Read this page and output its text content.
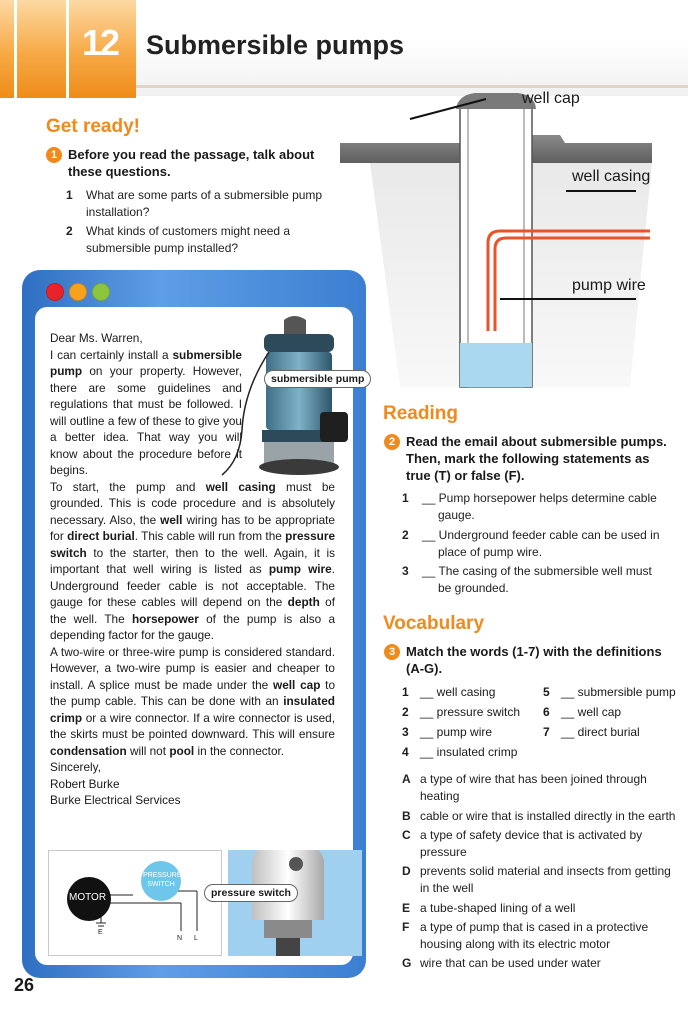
12 Submersible pumps
Get ready!
1 Before you read the passage, talk about
these questions.
1 What are some parts of a submersible pump
installation?
2 What kinds of customers might need a
submersible pump installed?
well cap
well casing
pump wire
submersible pump
Dear Ms. Warren,
I can certainly install a submersible pump on your property. However, there are some guidelines and regulations that must be followed. I will outline a few of these to give you a better idea. That way you will know about the procedure before it begins.
To start, the pump and well casing must be grounded. This is code procedure and is absolutely necessary. Also, the well wiring has to be appropriate for direct burial. This cable will run from the pressure switch to the starter, then to the well. Again, it is important that well wiring is listed as pump wire. Underground feeder cable is not acceptable. The gauge for these cables will depend on the depth of the well. The horsepower of the pump is also a depending factor for the gauge.
A two-wire or three-wire pump is considered standard. However, a two-wire pump is easier and cheaper to install. A splice must be made under the well cap to the pump cable. This can be done with an insulated crimp or a wire connector. If a wire connector is used, the skirts must be pointed downward. This will ensure condensation will not pool in the connector.
Sincerely,
Robert Burke
Burke Electrical Services
MOTOR
PRESSURE SWITCH
E
N L
pressure switch
26
Reading
2 Read the email about submersible pumps.
Then, mark the following statements as
true (T) or false (F).
1 __ Pump horsepower helps determine cable
gauge.
2 __ Underground feeder cable can be used in
place of pump wire.
3 __ The casing of the submersible well must
be grounded.
Vocabulary
3 Match the words (1-7) with the definitions
(A-G).
1 __ well casing
2 __ pressure switch
3 __ pump wire
4 __ insulated crimp
5 __ submersible pump
6 __ well cap
7 __ direct burial
A a type of wire that has been joined through
heating
B cable or wire that is installed directly in the earth
C a type of safety device that is activated by
pressure
D prevents solid material and insects from getting
in the well
E a tube-shaped lining of a well
F a type of pump that is cased in a protective
housing along with its electric motor
G wire that can be used under water
